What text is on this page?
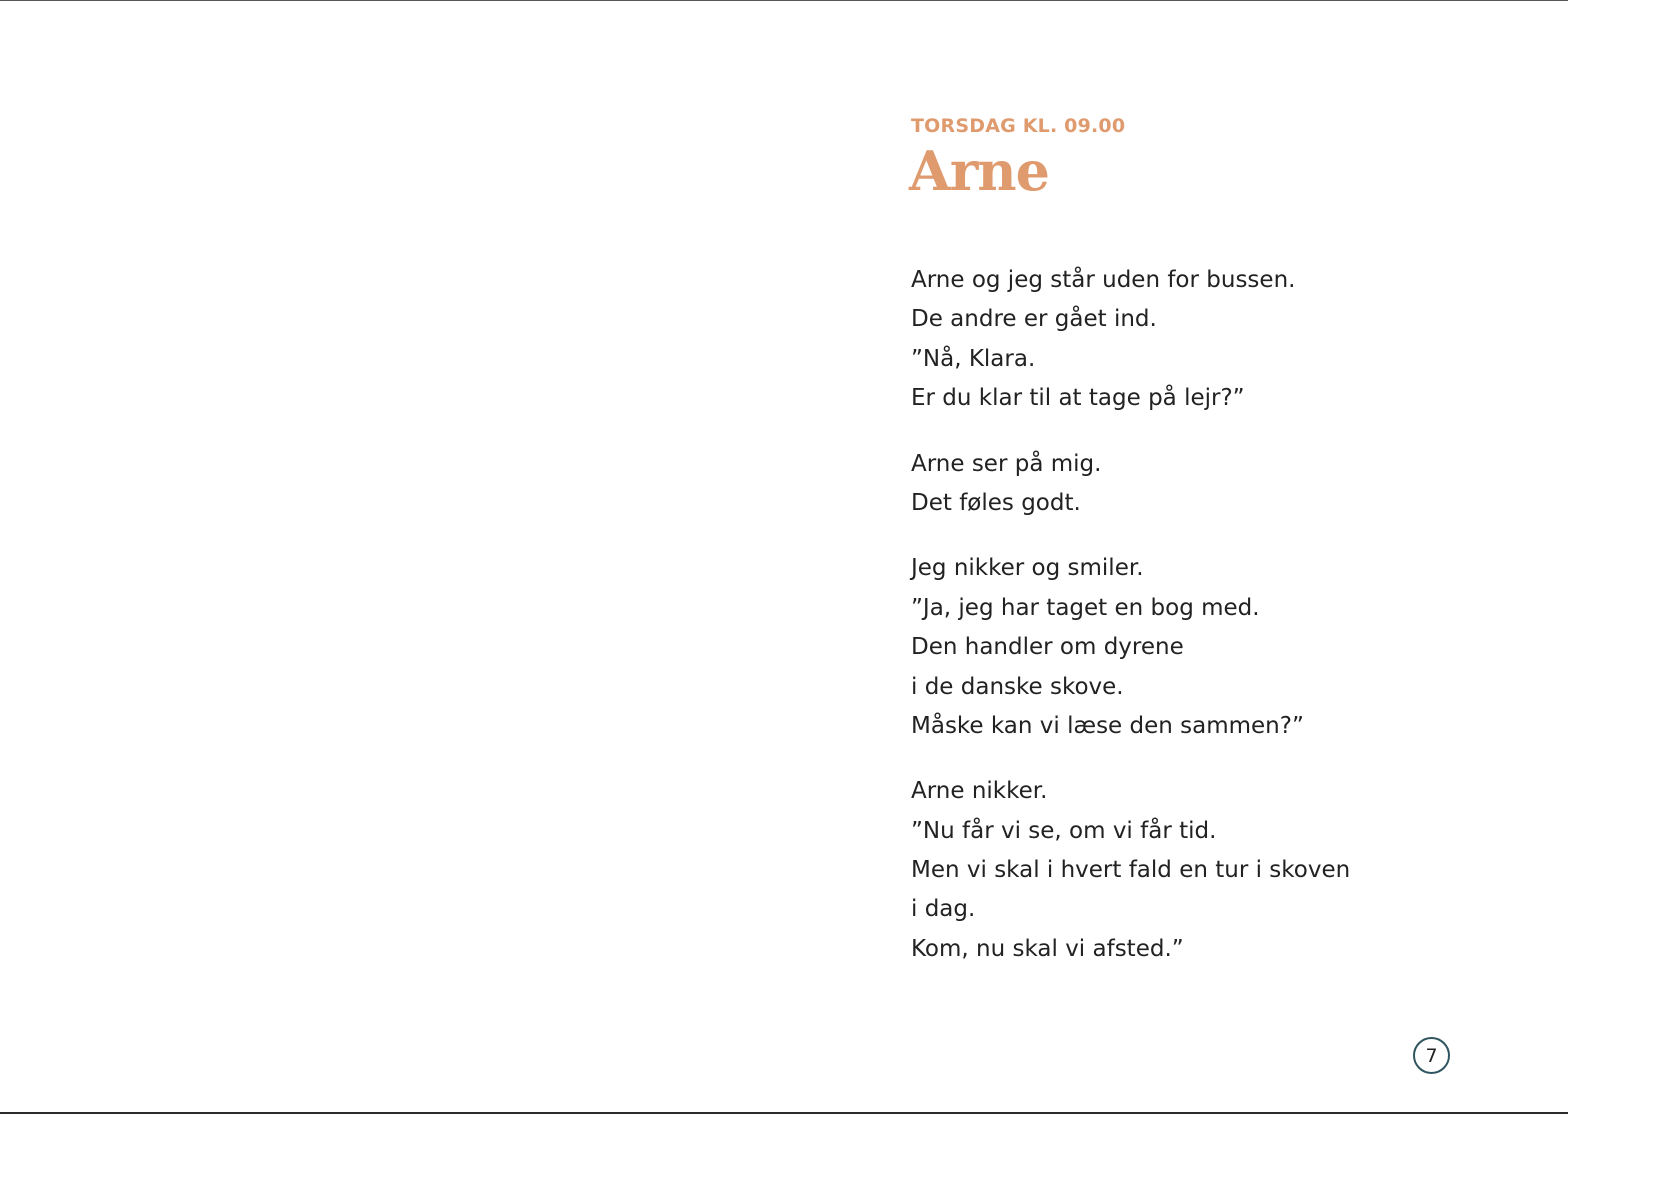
TORSDAG KL. 09.00
Arne
Arne og jeg står uden for bussen.
De andre er gået ind.
”Nå, Klara.
Er du klar til at tage på lejr?”
Arne ser på mig.
Det føles godt.
Jeg nikker og smiler.
”Ja, jeg har taget en bog med.
Den handler om dyrene
i de danske skove.
Måske kan vi læse den sammen?”
Arne nikker.
”Nu får vi se, om vi får tid.
Men vi skal i hvert fald en tur i skoven
i dag.
Kom, nu skal vi afsted.”
7
